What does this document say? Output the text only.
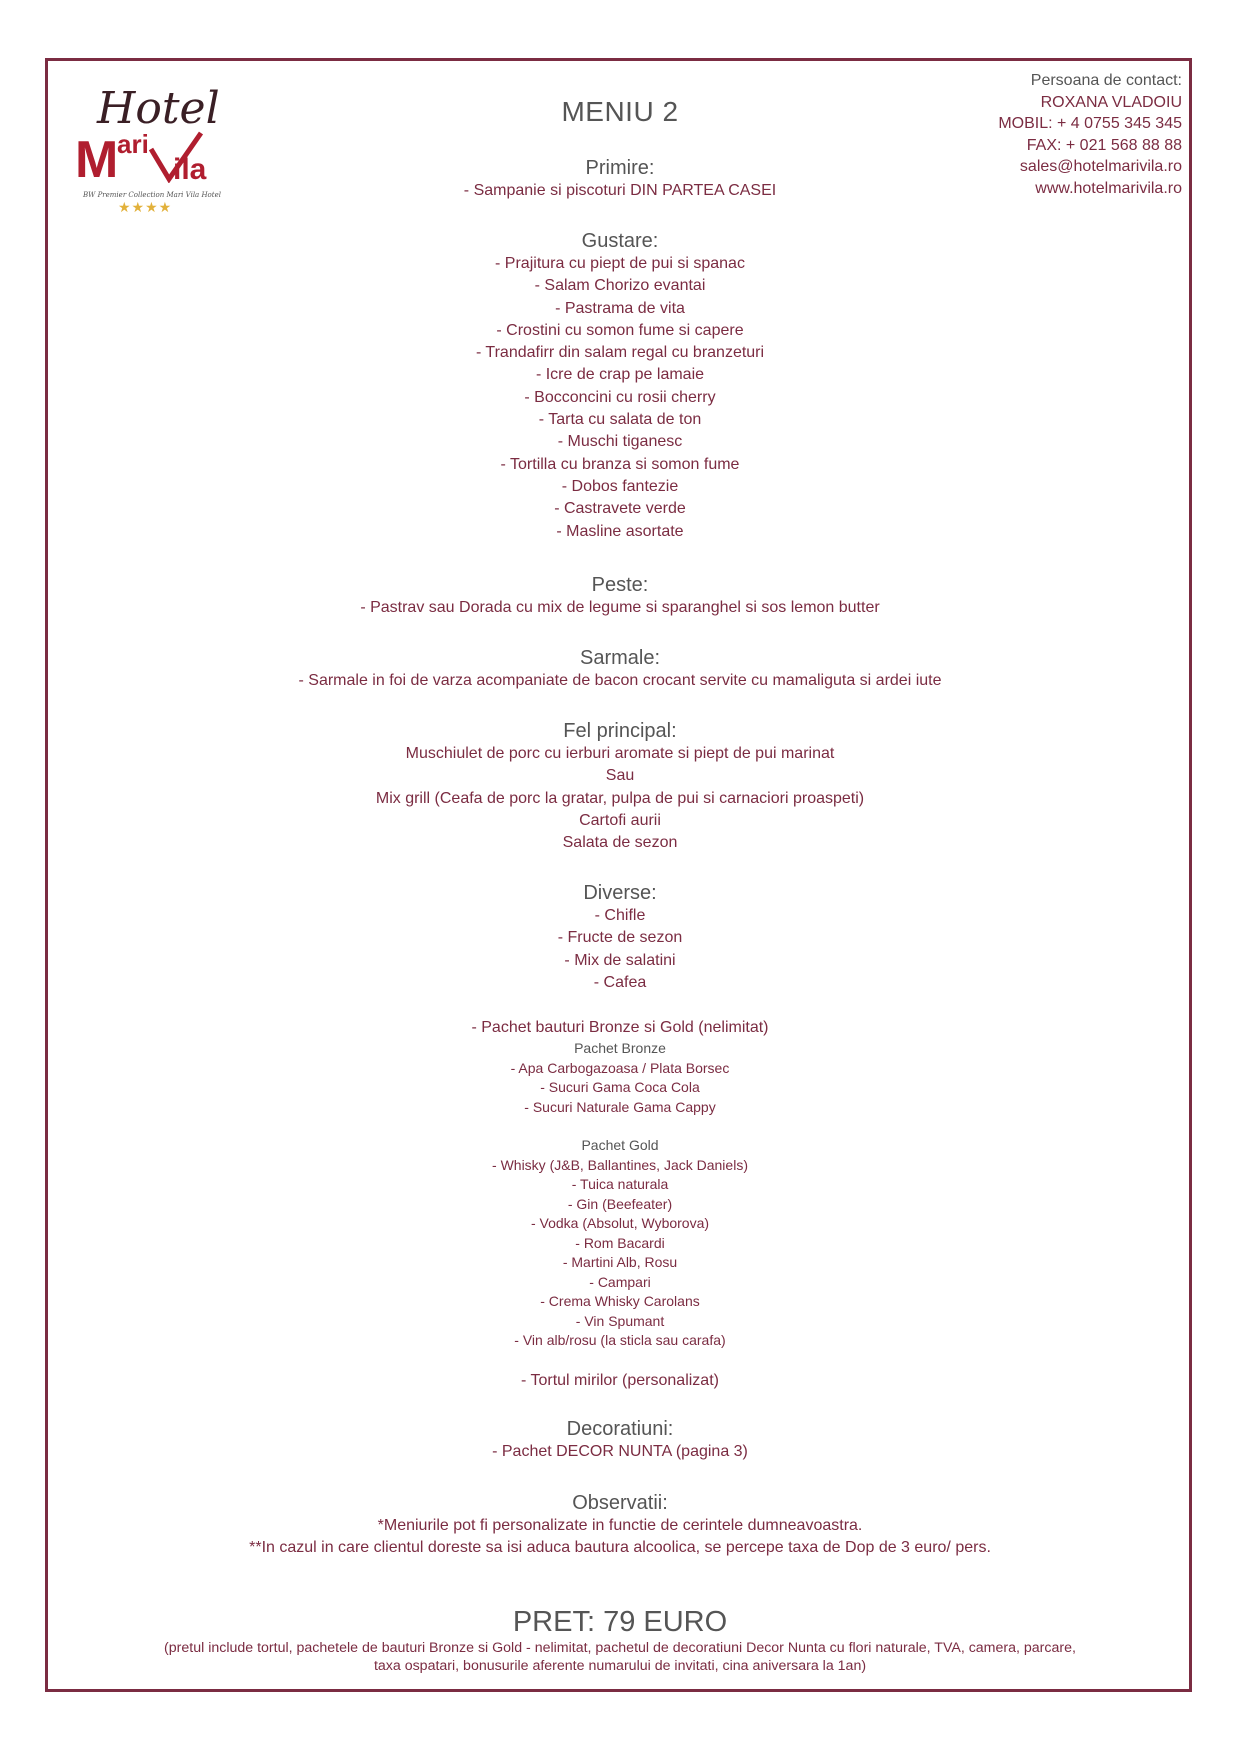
Hotel
M
ari
ila
BW Premier Collection Mari Vila Hotel
★★★★
Persoana de contact:
ROXANA VLADOIU
MOBIL: + 4 0755 345 345
FAX: + 021 568 88 88
sales@hotelmarivila.ro
www.hotelmarivila.ro
MENIU 2
Primire:
- Sampanie si piscoturi DIN PARTEA CASEI
Gustare:
- Prajitura cu piept de pui si spanac
- Salam Chorizo evantai
- Pastrama de vita
- Crostini cu somon fume si capere
- Trandafirr din salam regal cu branzeturi
- Icre de crap pe lamaie
- Bocconcini cu rosii cherry
- Tarta cu salata de ton
- Muschi tiganesc
- Tortilla cu branza si somon fume
- Dobos fantezie
- Castravete verde
- Masline asortate
Peste:
- Pastrav sau Dorada cu mix de legume si sparanghel si sos lemon butter
Sarmale:
- Sarmale in foi de varza acompaniate de bacon crocant servite cu mamaliguta si ardei iute
Fel principal:
Muschiulet de porc cu ierburi aromate si piept de pui marinat
Sau
Mix grill (Ceafa de porc la gratar, pulpa de pui si carnaciori proaspeti)
Cartofi aurii
Salata de sezon
Diverse:
- Chifle
- Fructe de sezon
- Mix de salatini
- Cafea
- Pachet bauturi Bronze si Gold (nelimitat)
Pachet Bronze
- Apa Carbogazoasa / Plata Borsec
- Sucuri Gama Coca Cola
- Sucuri Naturale Gama Cappy
Pachet Gold
- Whisky (J&B, Ballantines, Jack Daniels)
- Tuica naturala
- Gin (Beefeater)
- Vodka (Absolut, Wyborova)
- Rom Bacardi
- Martini Alb, Rosu
- Campari
- Crema Whisky Carolans
- Vin Spumant
- Vin alb/rosu (la sticla sau carafa)
- Tortul mirilor (personalizat)
Decoratiuni:
- Pachet DECOR NUNTA (pagina 3)
Observatii:
*Meniurile pot fi personalizate in functie de cerintele dumneavoastra.
**In cazul in care clientul doreste sa isi aduca bautura alcoolica, se percepe taxa de Dop de 3 euro/ pers.
PRET: 79 EURO
(pretul include tortul, pachetele de bauturi Bronze si Gold - nelimitat, pachetul de decoratiuni Decor Nunta cu flori naturale, TVA, camera, parcare,
taxa ospatari, bonusurile aferente numarului de invitati, cina aniversara la 1an)
